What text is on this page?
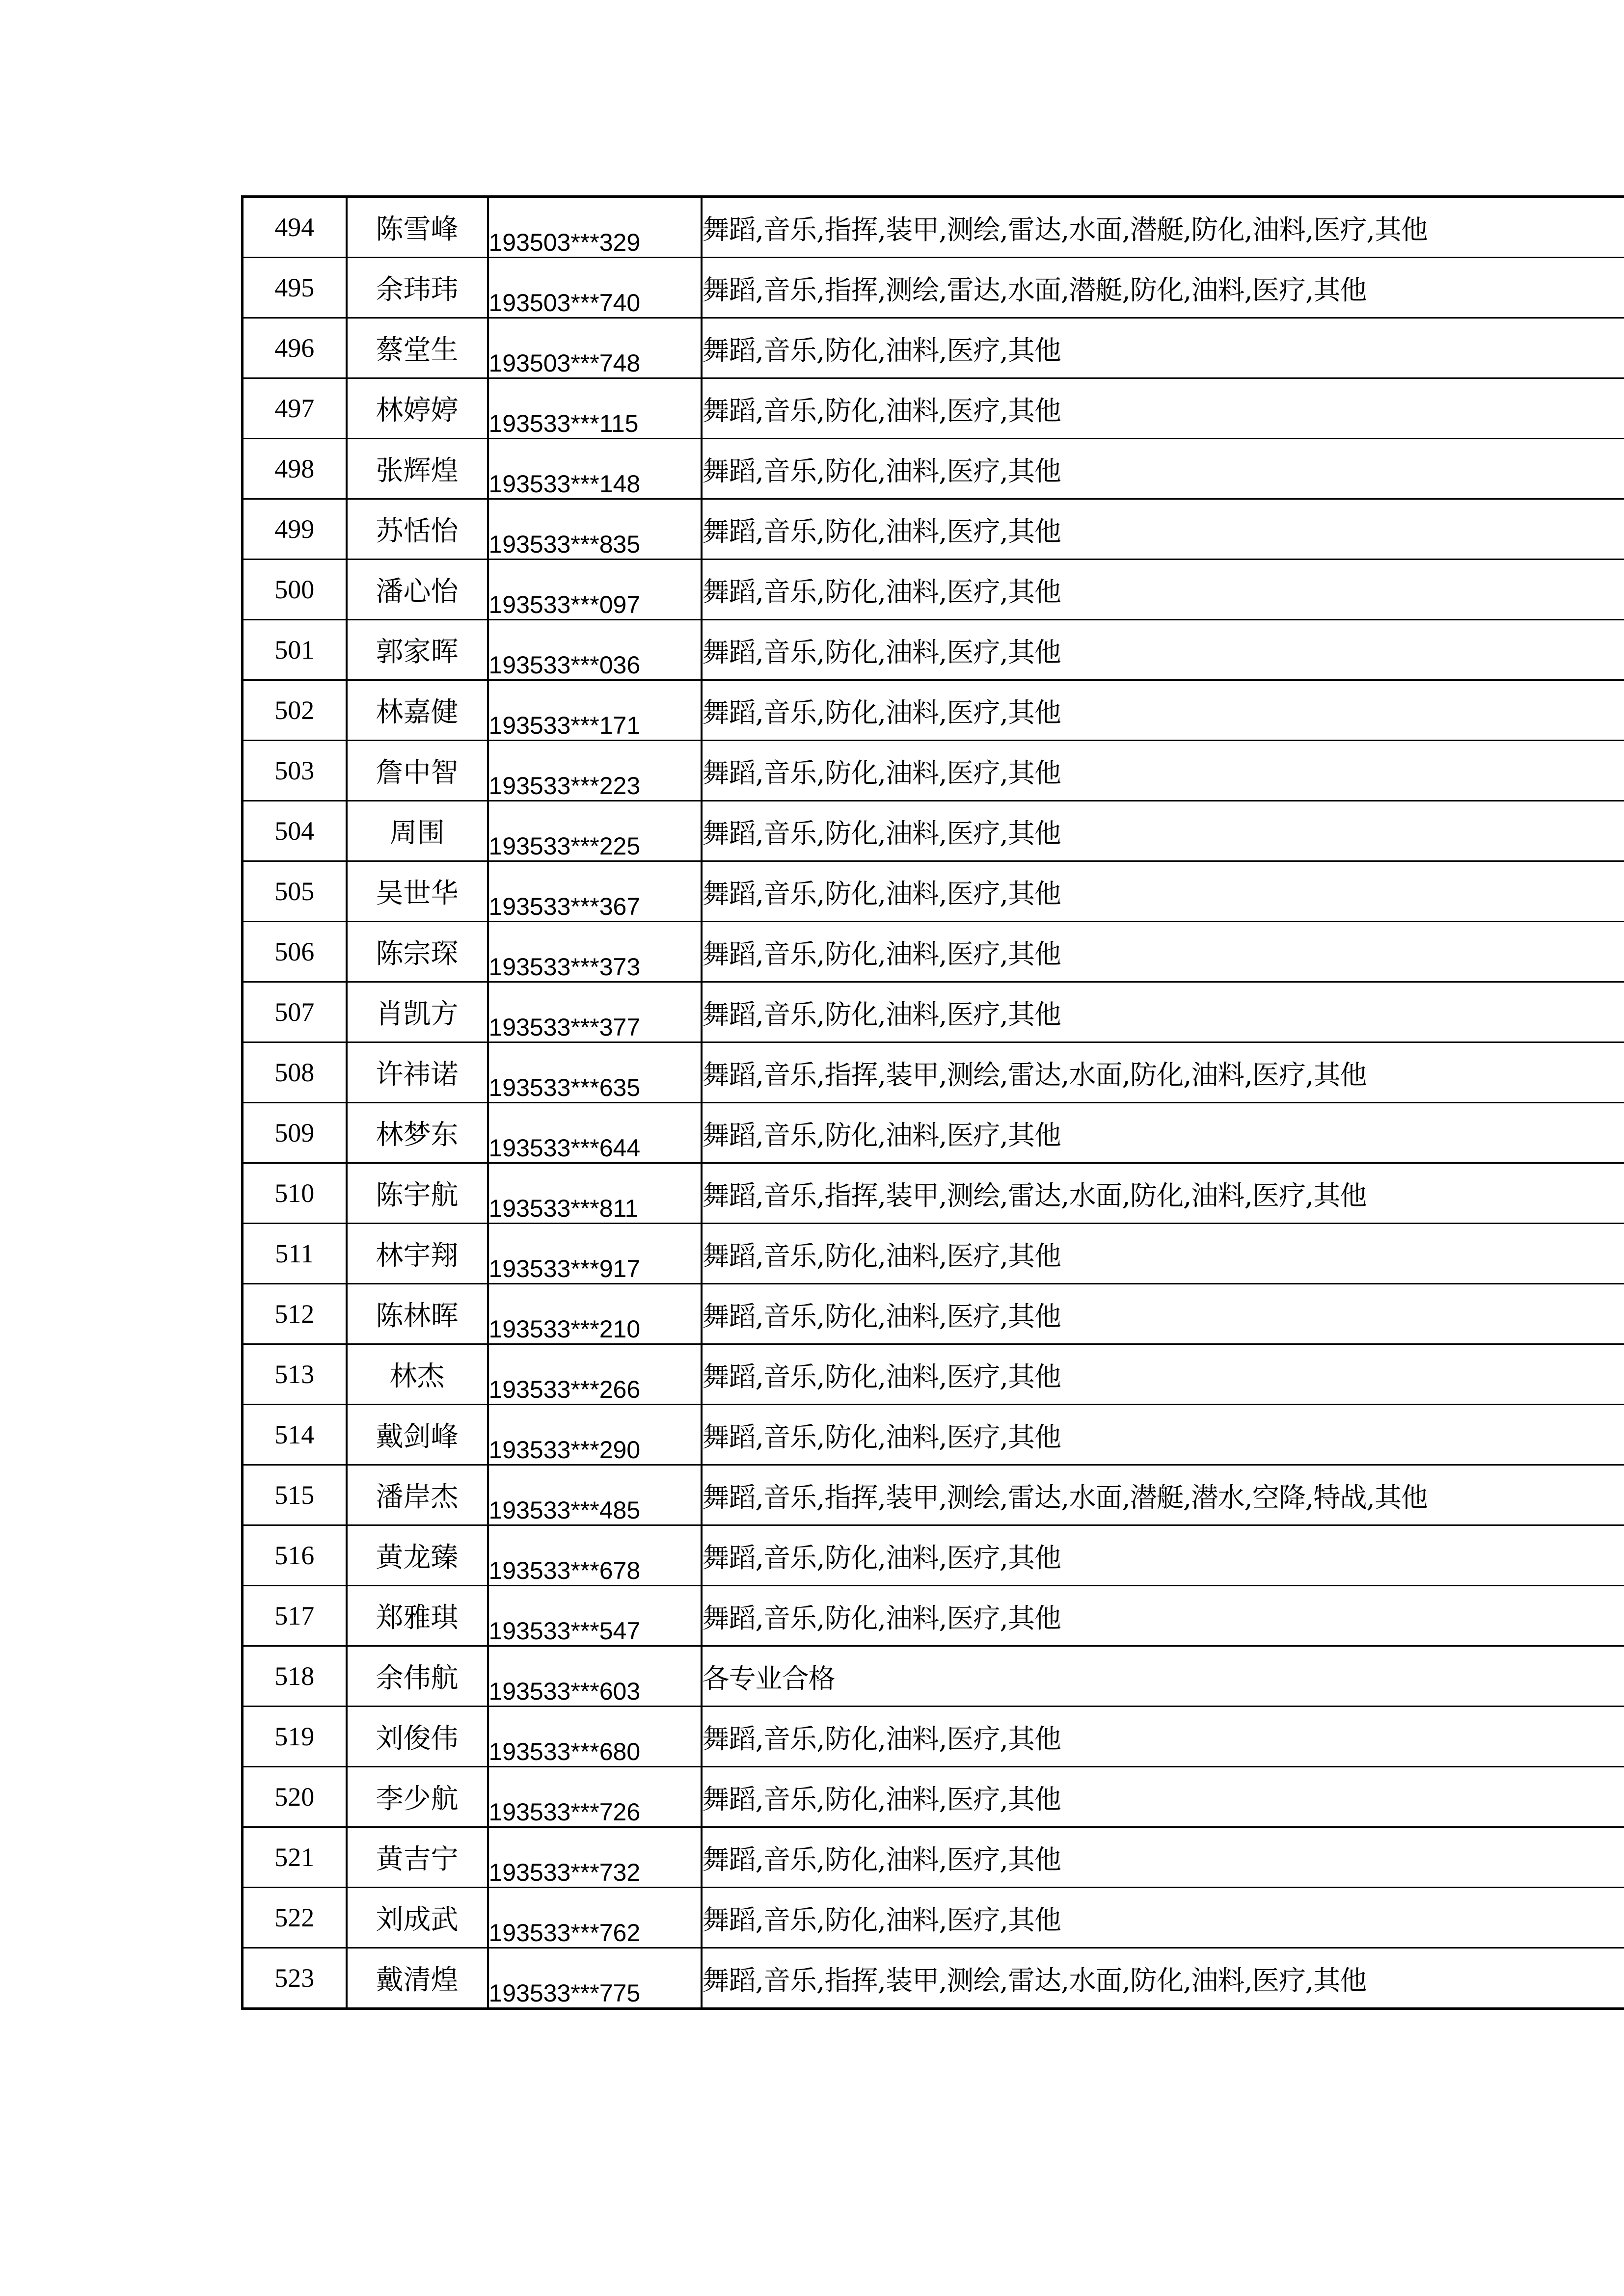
494	陈雪峰	193503***329	舞蹈,音乐,指挥,装甲,测绘,雷达,水面,潜艇,防化,油料,医疗,其他
495	余玮玮	193503***740	舞蹈,音乐,指挥,测绘,雷达,水面,潜艇,防化,油料,医疗,其他
496	蔡堂生	193503***748	舞蹈,音乐,防化,油料,医疗,其他
497	林婷婷	193533***115	舞蹈,音乐,防化,油料,医疗,其他
498	张辉煌	193533***148	舞蹈,音乐,防化,油料,医疗,其他
499	苏恬怡	193533***835	舞蹈,音乐,防化,油料,医疗,其他
500	潘心怡	193533***097	舞蹈,音乐,防化,油料,医疗,其他
501	郭家晖	193533***036	舞蹈,音乐,防化,油料,医疗,其他
502	林嘉健	193533***171	舞蹈,音乐,防化,油料,医疗,其他
503	詹中智	193533***223	舞蹈,音乐,防化,油料,医疗,其他
504	周围	193533***225	舞蹈,音乐,防化,油料,医疗,其他
505	吴世华	193533***367	舞蹈,音乐,防化,油料,医疗,其他
506	陈宗琛	193533***373	舞蹈,音乐,防化,油料,医疗,其他
507	肖凯方	193533***377	舞蹈,音乐,防化,油料,医疗,其他
508	许祎诺	193533***635	舞蹈,音乐,指挥,装甲,测绘,雷达,水面,防化,油料,医疗,其他
509	林梦东	193533***644	舞蹈,音乐,防化,油料,医疗,其他
510	陈宇航	193533***811	舞蹈,音乐,指挥,装甲,测绘,雷达,水面,防化,油料,医疗,其他
511	林宇翔	193533***917	舞蹈,音乐,防化,油料,医疗,其他
512	陈林晖	193533***210	舞蹈,音乐,防化,油料,医疗,其他
513	林杰	193533***266	舞蹈,音乐,防化,油料,医疗,其他
514	戴剑峰	193533***290	舞蹈,音乐,防化,油料,医疗,其他
515	潘岸杰	193533***485	舞蹈,音乐,指挥,装甲,测绘,雷达,水面,潜艇,潜水,空降,特战,其他
516	黄龙臻	193533***678	舞蹈,音乐,防化,油料,医疗,其他
517	郑雅琪	193533***547	舞蹈,音乐,防化,油料,医疗,其他
518	余伟航	193533***603	各专业合格
519	刘俊伟	193533***680	舞蹈,音乐,防化,油料,医疗,其他
520	李少航	193533***726	舞蹈,音乐,防化,油料,医疗,其他
521	黄吉宁	193533***732	舞蹈,音乐,防化,油料,医疗,其他
522	刘成武	193533***762	舞蹈,音乐,防化,油料,医疗,其他
523	戴清煌	193533***775	舞蹈,音乐,指挥,装甲,测绘,雷达,水面,防化,油料,医疗,其他
